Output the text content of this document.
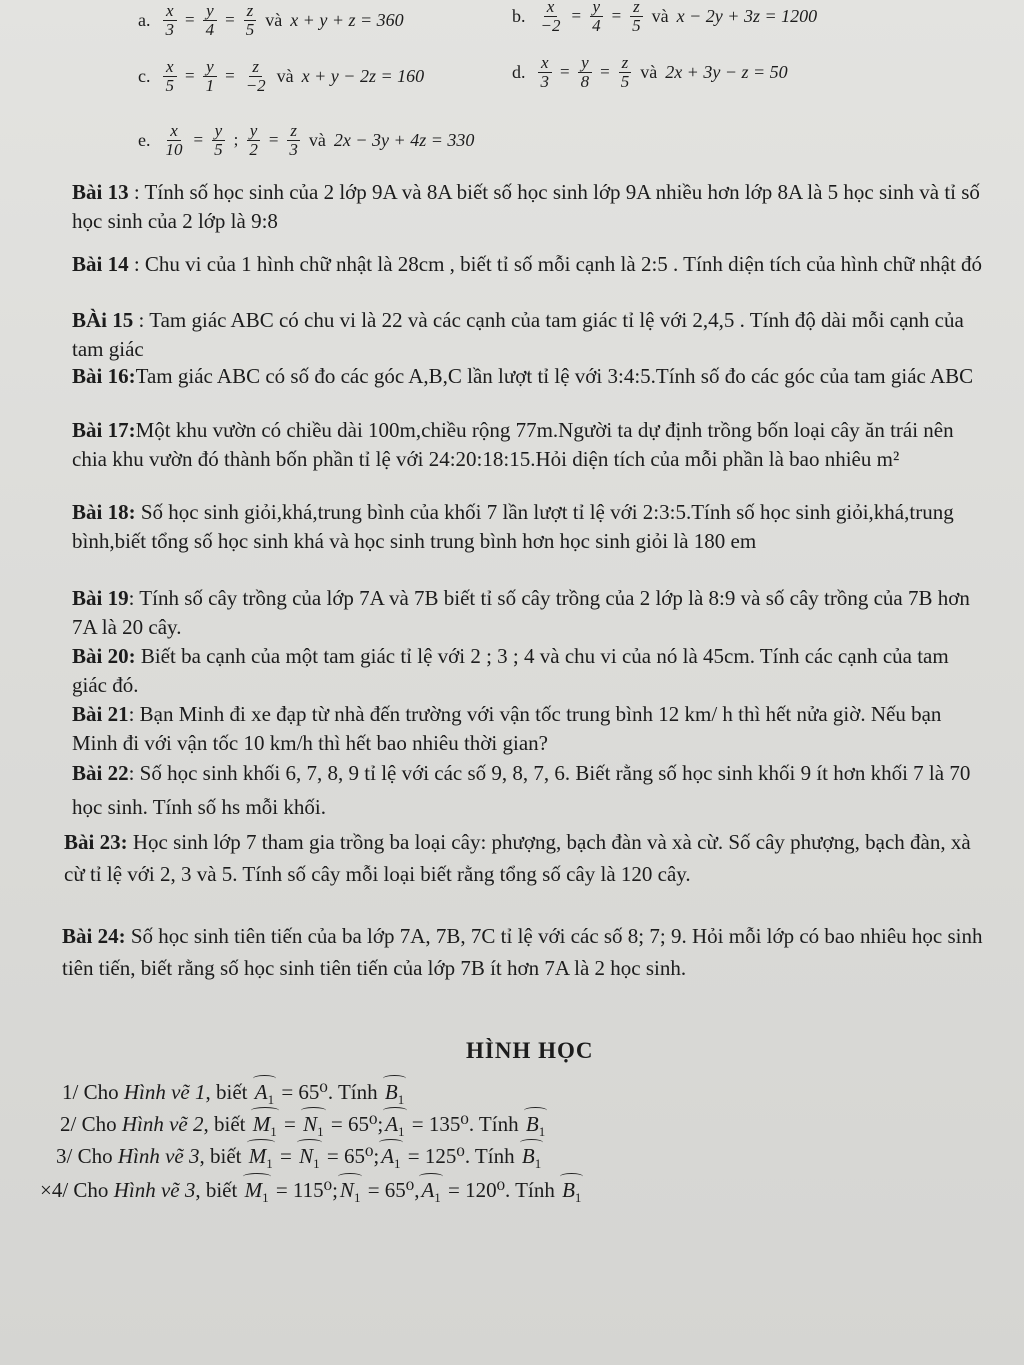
a. $\frac{x}{3} = \frac{y}{4} = \frac{z}{5}$ và x + y + z = 360	b. $\frac{x}{-2} = \frac{y}{4} = \frac{z}{5}$ và x − 2y + 3z = 1200
c. $\frac{x}{5} = \frac{y}{1} = \frac{z}{-2}$ và x + y − 2z = 160	d. $\frac{x}{3} = \frac{y}{8} = \frac{z}{5}$ và 2x + 3y − z = 50
e. $\frac{x}{10} = \frac{y}{5}$ ; $\frac{y}{2} = \frac{z}{3}$ và 2x − 3y + 4z = 330
Bài 13 : Tính số học sinh của 2 lớp 9A và 8A biết số học sinh lớp 9A nhiều hơn lớp 8A là 5 học sinh và tỉ số học sinh của 2 lớp là 9:8
Bài 14 : Chu vi của 1 hình chữ nhật là 28cm , biết tỉ số mỗi cạnh là 2:5 . Tính diện tích của hình chữ nhật đó
BÀi 15 : Tam giác ABC có chu vi là 22 và các cạnh của tam giác tỉ lệ với 2,4,5 . Tính độ dài mỗi cạnh của tam giác
Bài 16:Tam giác ABC có số đo các góc A,B,C lần lượt tỉ lệ với 3:4:5.Tính số đo các góc của tam giác ABC
Bài 17:Một khu vườn có chiều dài 100m,chiều rộng 77m.Người ta dự định trồng bốn loại cây ăn trái nên chia khu vườn đó thành bốn phần tỉ lệ với 24:20:18:15.Hỏi diện tích của mỗi phần là bao nhiêu m²
Bài 18: Số học sinh giỏi,khá,trung bình của khối 7 lần lượt tỉ lệ với 2:3:5.Tính số học sinh giỏi,khá,trung bình,biết tổng số học sinh khá và học sinh trung bình hơn học sinh giỏi là 180 em
Bài 19: Tính số cây trồng của lớp 7A và 7B biết tỉ số cây trồng của 2 lớp là 8:9 và số cây trồng của 7B hơn 7A là 20 cây.
Bài 20: Biết ba cạnh của một tam giác tỉ lệ với 2 ; 3 ; 4 và chu vi của nó là 45cm. Tính các cạnh của tam giác đó.
Bài 21: Bạn Minh đi xe đạp từ nhà đến trường với vận tốc trung bình 12 km/ h thì hết nửa giờ. Nếu bạn Minh đi với vận tốc 10 km/h thì hết bao nhiêu thời gian?
Bài 22: Số học sinh khối 6, 7, 8, 9 tỉ lệ với các số 9, 8, 7, 6. Biết rằng số học sinh khối 9 ít hơn khối 7 là 70 học sinh. Tính số hs mỗi khối.
Bài 23: Học sinh lớp 7 tham gia trồng ba loại cây: phượng, bạch đàn và xà cừ. Số cây phượng, bạch đàn, xà cừ tỉ lệ với 2, 3 và 5. Tính số cây mỗi loại biết rằng tổng số cây là 120 cây.
Bài 24: Số học sinh tiên tiến của ba lớp 7A, 7B, 7C tỉ lệ với các số 8; 7; 9. Hỏi mỗi lớp có bao nhiêu học sinh tiên tiến, biết rằng số học sinh tiên tiến của lớp 7B ít hơn 7A là 2 học sinh.
HÌNH HỌC
1/ Cho Hình vẽ 1, biết $A_1 = 65^0$. Tính $B_1$
2/ Cho Hình vẽ 2, biết $M_1 = N_1$ = $65^0;A_1 = 135^0$. Tính $B_1$
3/ Cho Hình vẽ 3, biết $M_1 = N_1$ = $65^0;A_1 = 125^0$. Tính $B_1$
×4/ Cho Hình vẽ 3, biết $M_1$ = $115^0;N_1 = 65^0,A_1 = 120^0$. Tính $B_1$
